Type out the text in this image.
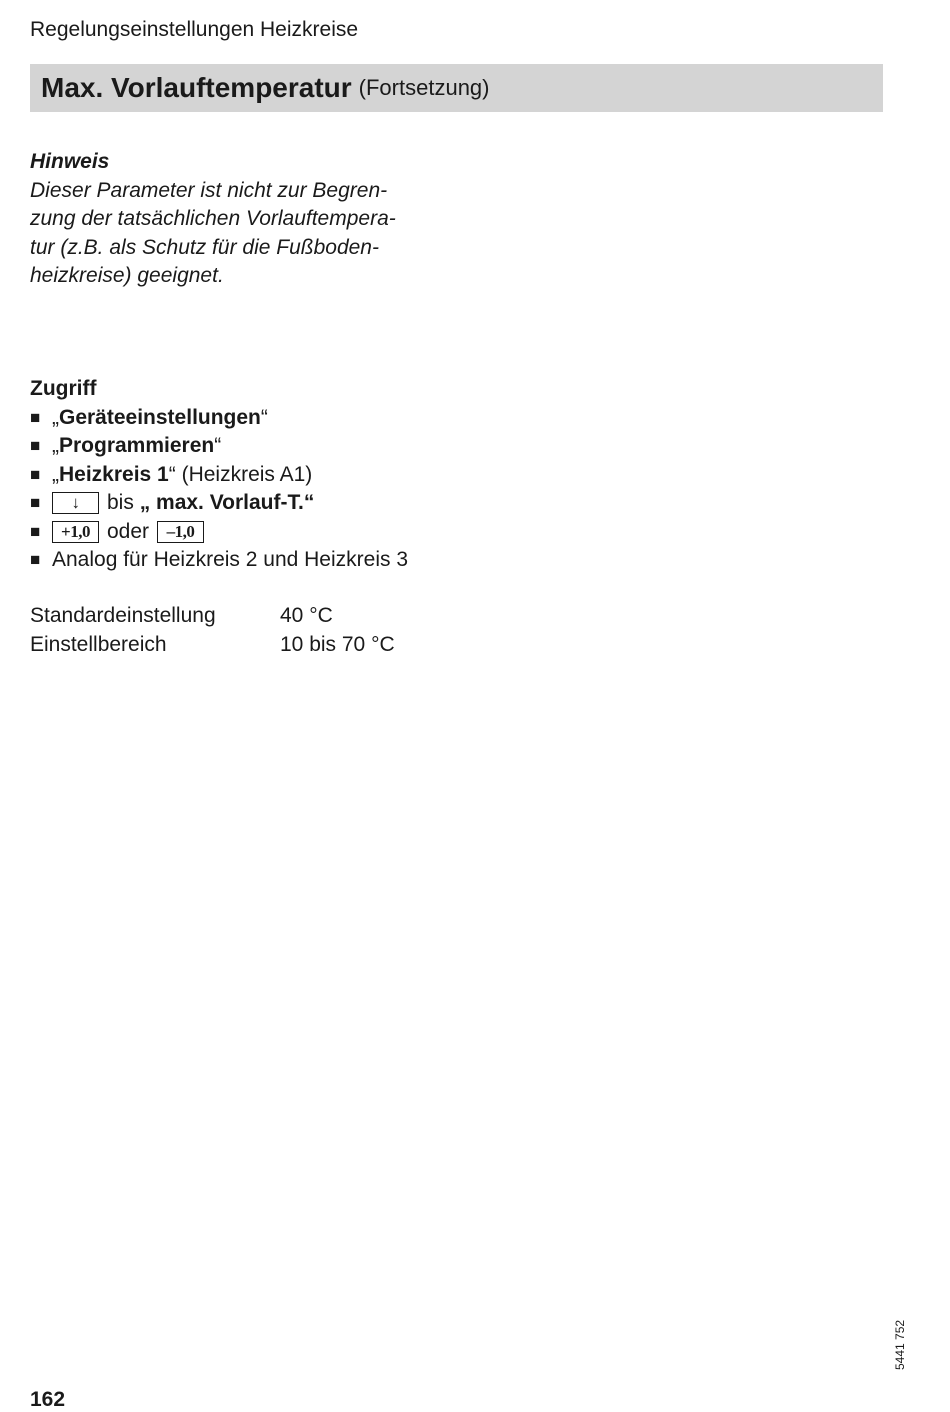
Regelungseinstellungen Heizkreise
Max. Vorlauftemperatur (Fortsetzung)
Hinweis
Dieser Parameter ist nicht zur Begren-
zung der tatsächlichen Vorlauftempera-
tur (z.B. als Schutz für die Fußboden-
heizkreise) geeignet.
Zugriff
■ „ Geräteeinstellungen “
■ „ Programmieren “
■ „ Heizkreis 1 “ (Heizkreis A1)
■	↓	bis „ max. Vorlauf-T.“
■	+1,0 oder	–1,0
■ Analog für Heizkreis 2 und Heizkreis 3
Standardeinstellung	40 °C
Einstellbereich	10 bis 70 °C
5441 752
162
